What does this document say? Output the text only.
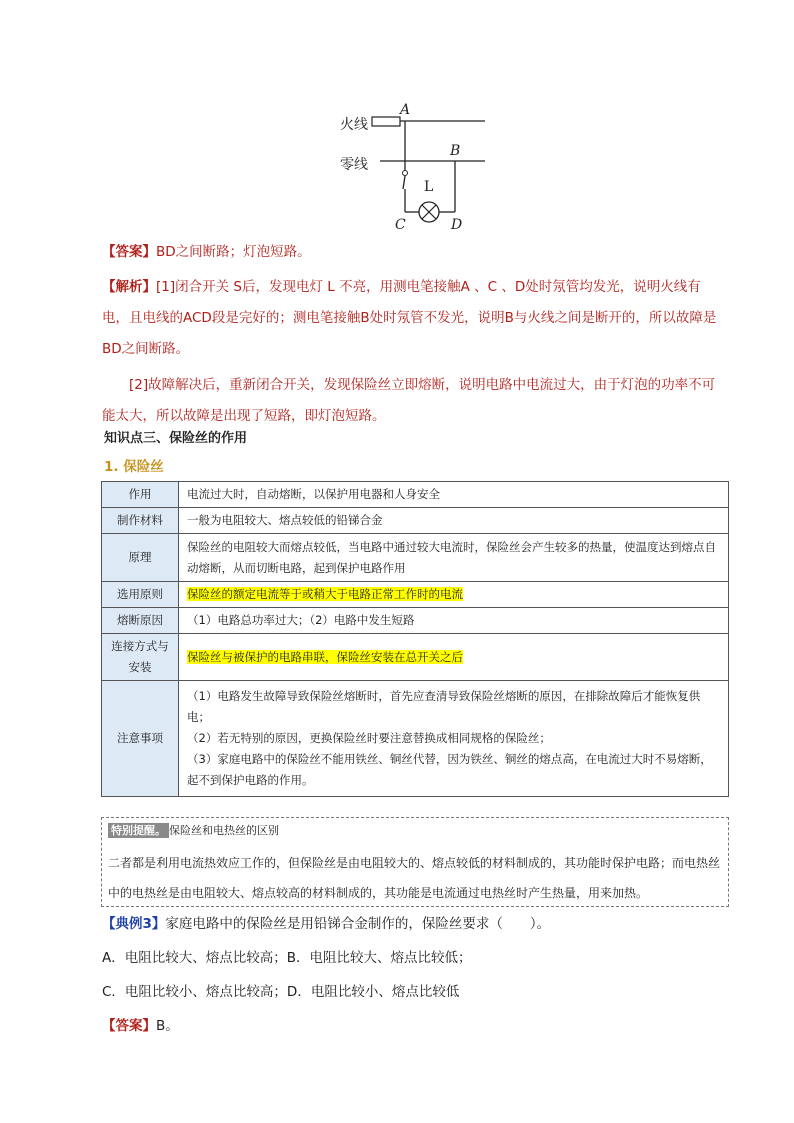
火线
零线
A
B
L
C	D
【答案】BD之间断路；灯泡短路。
【解析】[1]闭合开关 S后，发现电灯 L 不亮，用测电笔接触A 、C 、D处时氖管均发光，说明火线有电，且电线的ACD段是完好的；测电笔接触B处时氖管不发光，说明B与火线之间是断开的，所以故障是BD之间断路。
[2]故障解决后，重新闭合开关，发现保险丝立即熔断，说明电路中电流过大，由于灯泡的功率不可能太大，所以故障是出现了短路，即灯泡短路。
知识点三、保险丝的作用
1. 保险丝
作用	电流过大时，自动熔断，以保护用电器和人身安全
制作材料	一般为电阻较大、熔点较低的铅锑合金
原理	保险丝的电阻较大而熔点较低，当电路中通过较大电流时，保险丝会产生较多的热量，使温度达到熔点自动熔断，从而切断电路，起到保护电路作用
选用原则	保险丝的额定电流等于或稍大于电路正常工作时的电流
熔断原因	（1）电路总功率过大；（2）电路中发生短路
连接方式与安装	保险丝与被保护的电路串联，保险丝安装在总开关之后
注意事项	（1）电路发生故障导致保险丝熔断时，首先应查清导致保险丝熔断的原因，在排除故障后才能恢复供电；
（2）若无特别的原因，更换保险丝时要注意替换成相同规格的保险丝；
（3）家庭电路中的保险丝不能用铁丝、铜丝代替，因为铁丝、铜丝的熔点高，在电流过大时不易熔断，起不到保护电路的作用。
特别提醒。 保险丝和电热丝的区别
二者都是利用电流热效应工作的，但保险丝是由电阻较大的、熔点较低的材料制成的，其功能时保护电路；而电热丝中的电热丝是由电阻较大、熔点较高的材料制成的，其功能是电流通过电热丝时产生热量，用来加热。
【典例3】家庭电路中的保险丝是用铅锑合金制作的，保险丝要求（　　）。
A．电阻比较大、熔点比较高；B．电阻比较大、熔点比较低；
C．电阻比较小、熔点比较高；D．电阻比较小、熔点比较低
【答案】B。
